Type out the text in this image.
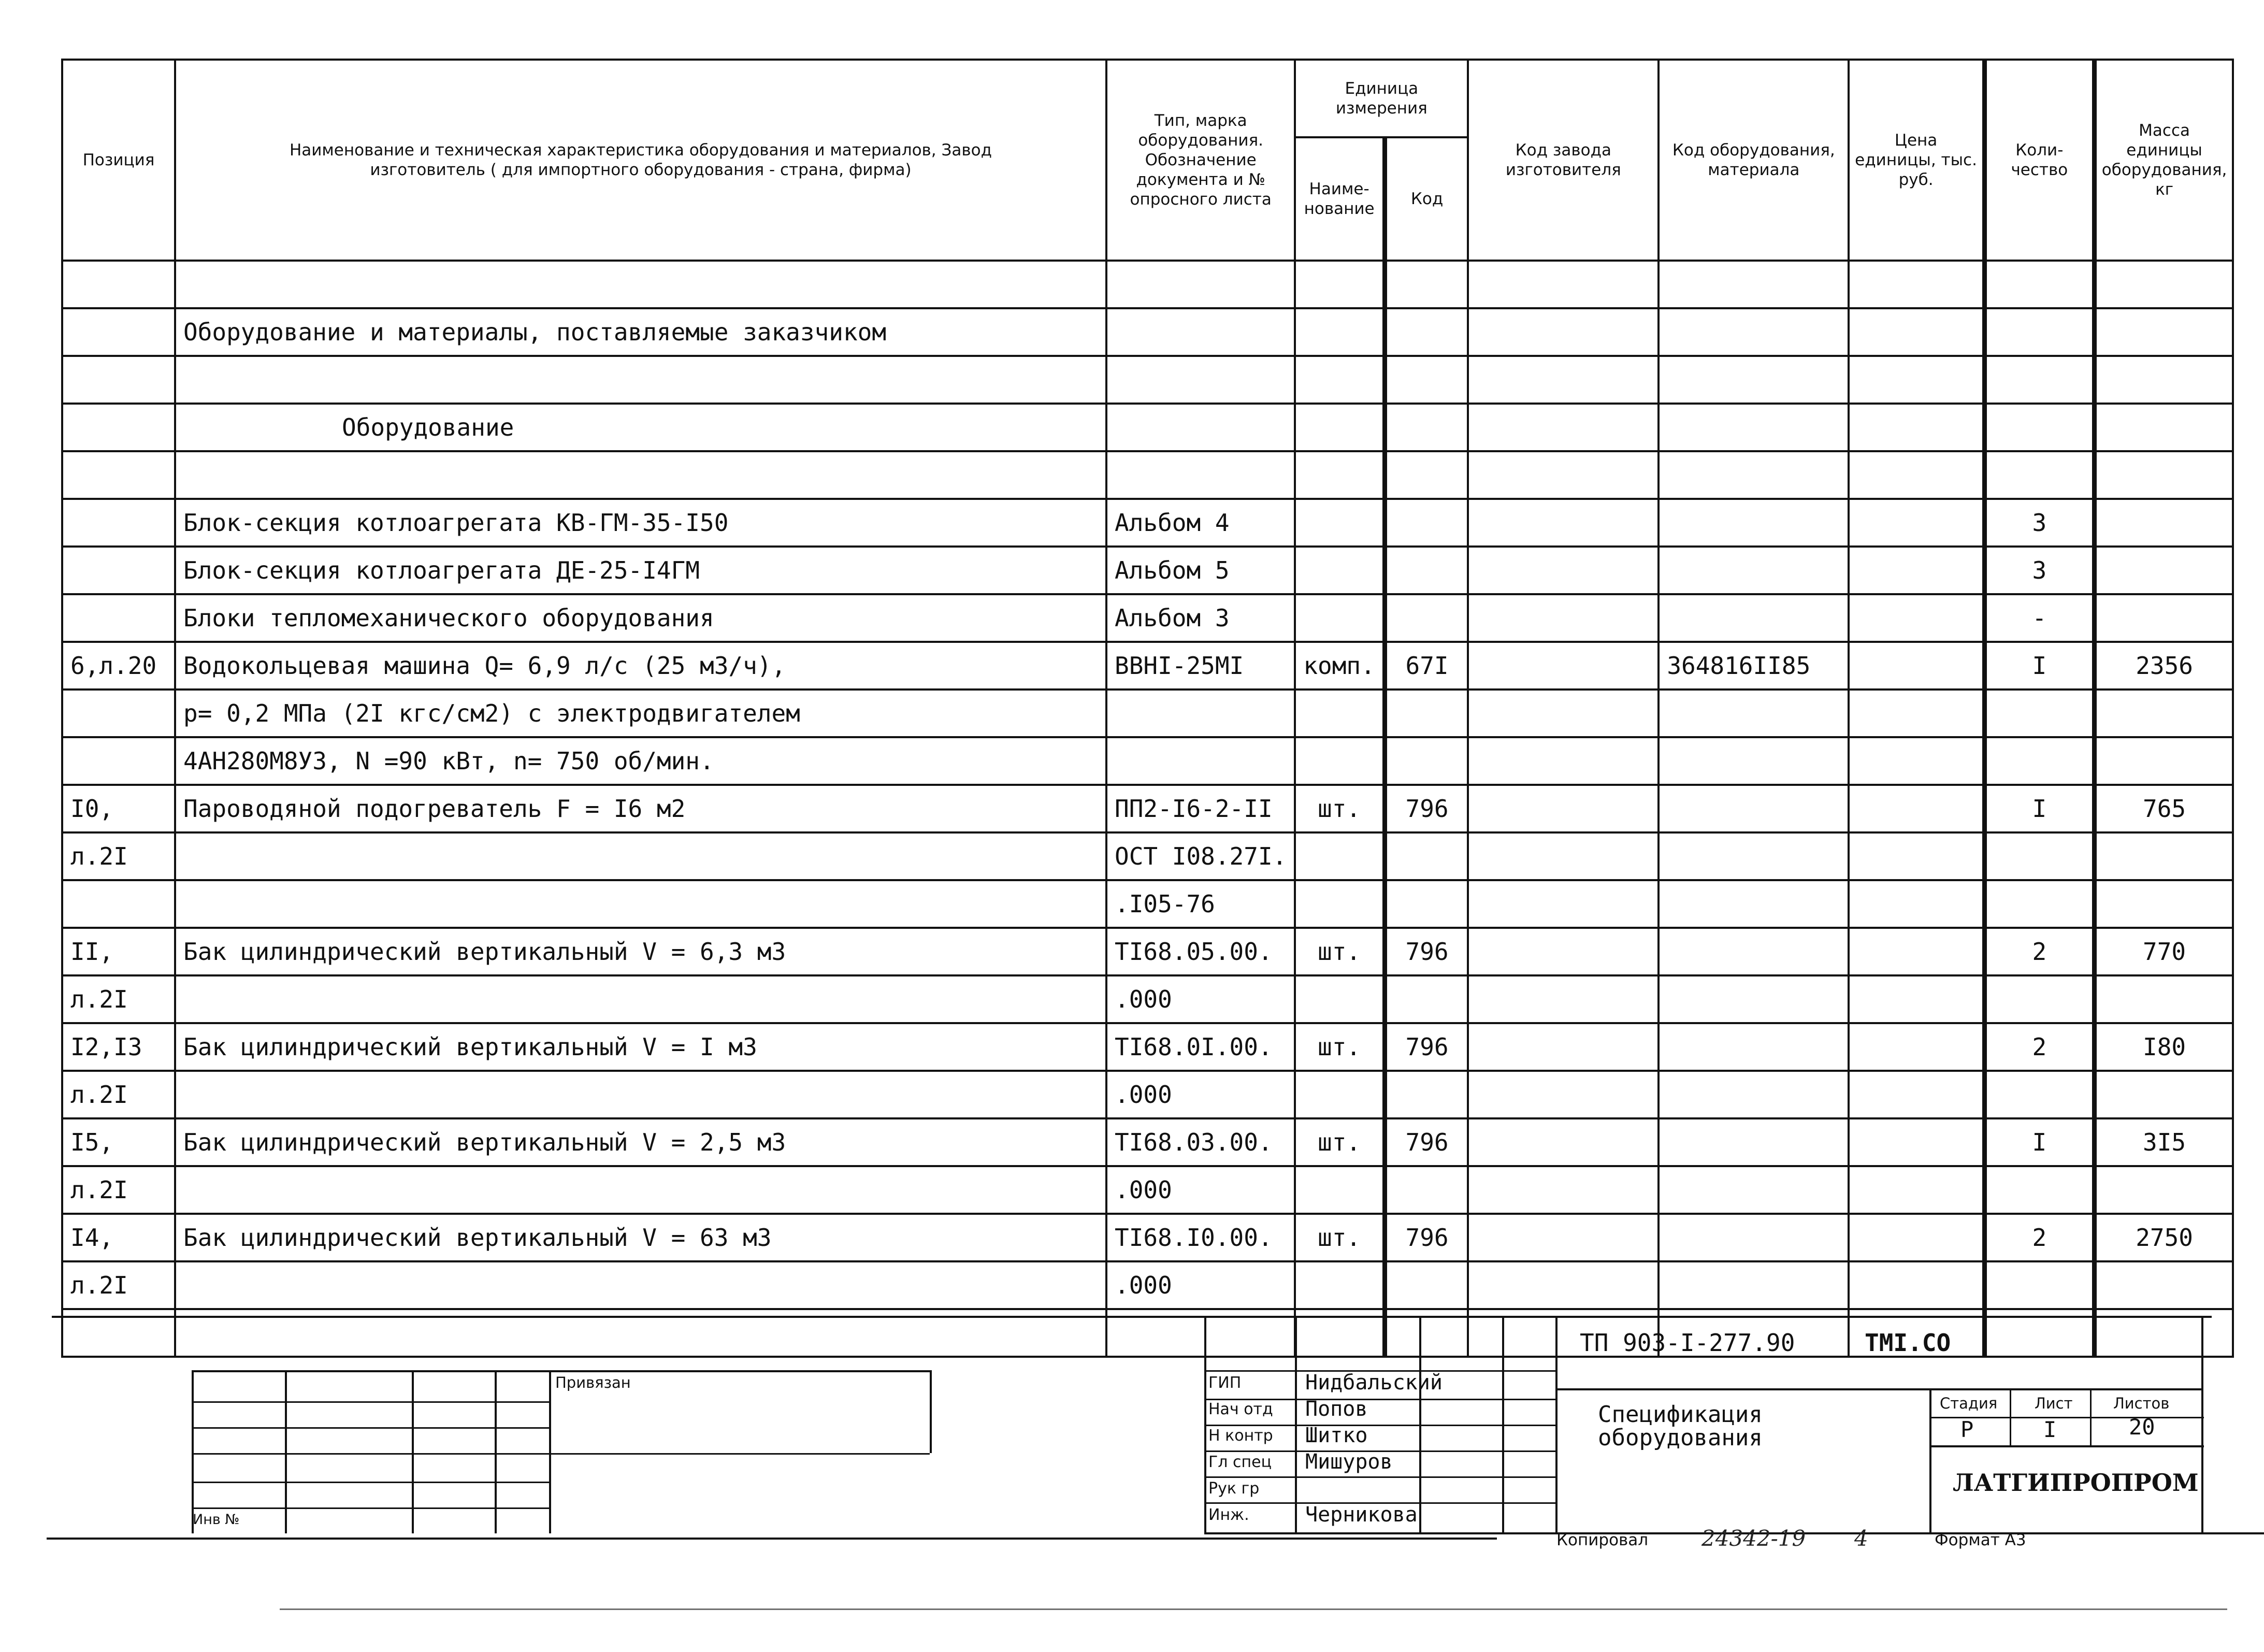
Позиция	Наименование и техническая характеристика оборудования и материалов, Завод изготовитель ( для импортного оборудования - страна, фирма)	Тип, марка оборудования. Обозначение документа и № опросного листа	Единица измерения		Код завода изготовителя	Код оборудования, материала	Цена единицы, тыс. руб.	Коли-чество	Масса единицы оборудования, кг
			Наиме-нование	Код					

	Оборудование и материалы, поставляемые заказчиком								

	Оборудование								

	Блок-секция котлоагрегата КВ-ГМ-35-I50	Альбом 4						3	
	Блок-секция котлоагрегата ДЕ-25-I4ГМ	Альбом 5						3	
	Блоки тепломеханического оборудования	Альбом 3						-	
6,л.20	Водокольцевая машина Q= 6,9 л/с (25 м3/ч),	ВВНI-25МI	комп.	67I		364816II85		I	2356
	р= 0,2 МПа (2I кгс/см2) с электродвигателем								
	4АН280М8УЗ, N =90 кВт, n= 750 об/мин.								
I0,	Пароводяной подогреватель F = I6 м2	ПП2-I6-2-II	шт.	796				I	765
л.2I		ОСТ I08.27I.							
		.I05-76							
II,	Бак цилиндрический вертикальный V = 6,3 м3	ТI68.05.00.	шт.	796				2	770
л.2I		.000							
I2,I3	Бак цилиндрический вертикальный V = I м3	ТI68.0I.00.	шт.	796				2	I80
л.2I		.000							
I5,	Бак цилиндрический вертикальный V = 2,5 м3	ТI68.03.00.	шт.	796				I	3I5
л.2I		.000							
I4,	Бак цилиндрический вертикальный V = 63 м3	ТI68.I0.00.	шт.	796				2	2750
л.2I		.000							

Привязан
Инв №
ГИП	Нидбальский
Нач отд Попов
Н контр Шитко
Гл спец Мишуров
Рук гр
Инж.	Черникова
ТП 903-I-277.90	ТМI.СО
Спецификация
оборудования
Стадия Лист	Листов
Р	I	20
ЛАТГИПРОПРОМ
Копировал 24342-19 4	Формат А3
